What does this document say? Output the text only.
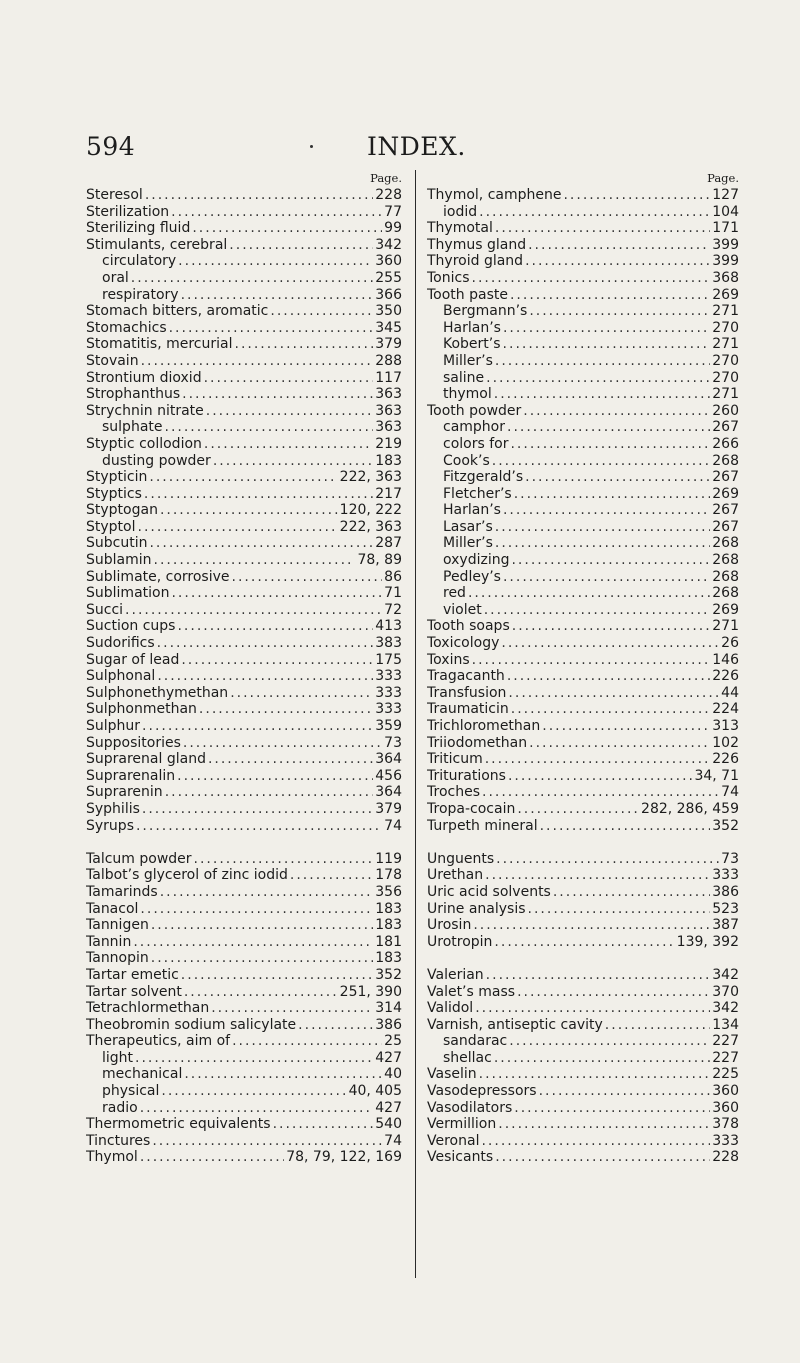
594	INDEX.
Page.
Steresol .....	228
Sterilization .....	77
Sterilizing fluid .....	99
Stimulants, cerebral .....	342
circulatory .....	360
oral .....	255
respiratory .....	366
Stomach bitters, aromatic .....	350
Stomachics .....	345
Stomatitis, mercurial .....	379
Stovain .....	288
Strontium dioxid .....	117
Strophanthus .....	363
Strychnin nitrate .....	363
sulphate .....	363
Styptic collodion .....	219
dusting powder .....	183
Stypticin .....	222, 363
Styptics .....	217
Styptogan .....	120, 222
Styptol .....	222, 363
Subcutin .....	287
Sublamin .....	78, 89
Sublimate, corrosive .....	86
Sublimation .....	71
Succi .....	72
Suction cups .....	413
Sudorifics .....	383
Sugar of lead .....	175
Sulphonal .....	333
Sulphonethymethan .....	333
Sulphonmethan .....	333
Sulphur .....	359
Suppositories .....	73
Suprarenal gland .....	364
Suprarenalin .....	456
Suprarenin .....	364
Syphilis .....	379
Syrups .....	74
Talcum powder .....	119
Talbot’s glycerol of zinc iodid .....	178
Tamarinds .....	356
Tanacol .....	183
Tannigen .....	183
Tannin .....	181
Tannopin .....	183
Tartar emetic .....	352
Tartar solvent .....	251, 390
Tetrachlormethan .....	314
Theobromin sodium salicylate .....	386
Therapeutics, aim of .....	25
light .....	427
mechanical .....	40
physical .....	40, 405
radio .....	427
Thermometric equivalents .....	540
Tinctures .....	74
Thymol .....	78, 79, 122, 169
Page.
Thymol, camphene .....	127
iodid .....	104
Thymotal .....	171
Thymus gland .....	399
Thyroid gland .....	399
Tonics .....	368
Tooth paste .....	269
Bergmann’s .....	271
Harlan’s .....	270
Kobert’s .....	271
Miller’s .....	270
saline .....	270
thymol .....	271
Tooth powder .....	260
camphor .....	267
colors for .....	266
Cook’s .....	268
Fitzgerald’s .....	267
Fletcher’s .....	269
Harlan’s .....	267
Lasar’s .....	267
Miller’s .....	268
oxydizing .....	268
Pedley’s .....	268
red .....	268
violet .....	269
Tooth soaps .....	271
Toxicology .....	26
Toxins .....	146
Tragacanth .....	226
Transfusion .....	44
Traumaticin .....	224
Trichloromethan .....	313
Triiodomethan .....	102
Triticum .....	226
Triturations .....	34, 71
Troches .....	74
Tropa-cocain .....	282, 286, 459
Turpeth mineral .....	352
Unguents .....	73
Urethan .....	333
Uric acid solvents .....	386
Urine analysis .....	523
Urosin .....	387
Urotropin .....	139, 392
Valerian .....	342
Valet’s mass .....	370
Validol .....	342
Varnish, antiseptic cavity .....	134
sandarac .....	227
shellac .....	227
Vaselin .....	225
Vasodepressors .....	360
Vasodilators .....	360
Vermillion .....	378
Veronal .....	333
Vesicants .....	228
